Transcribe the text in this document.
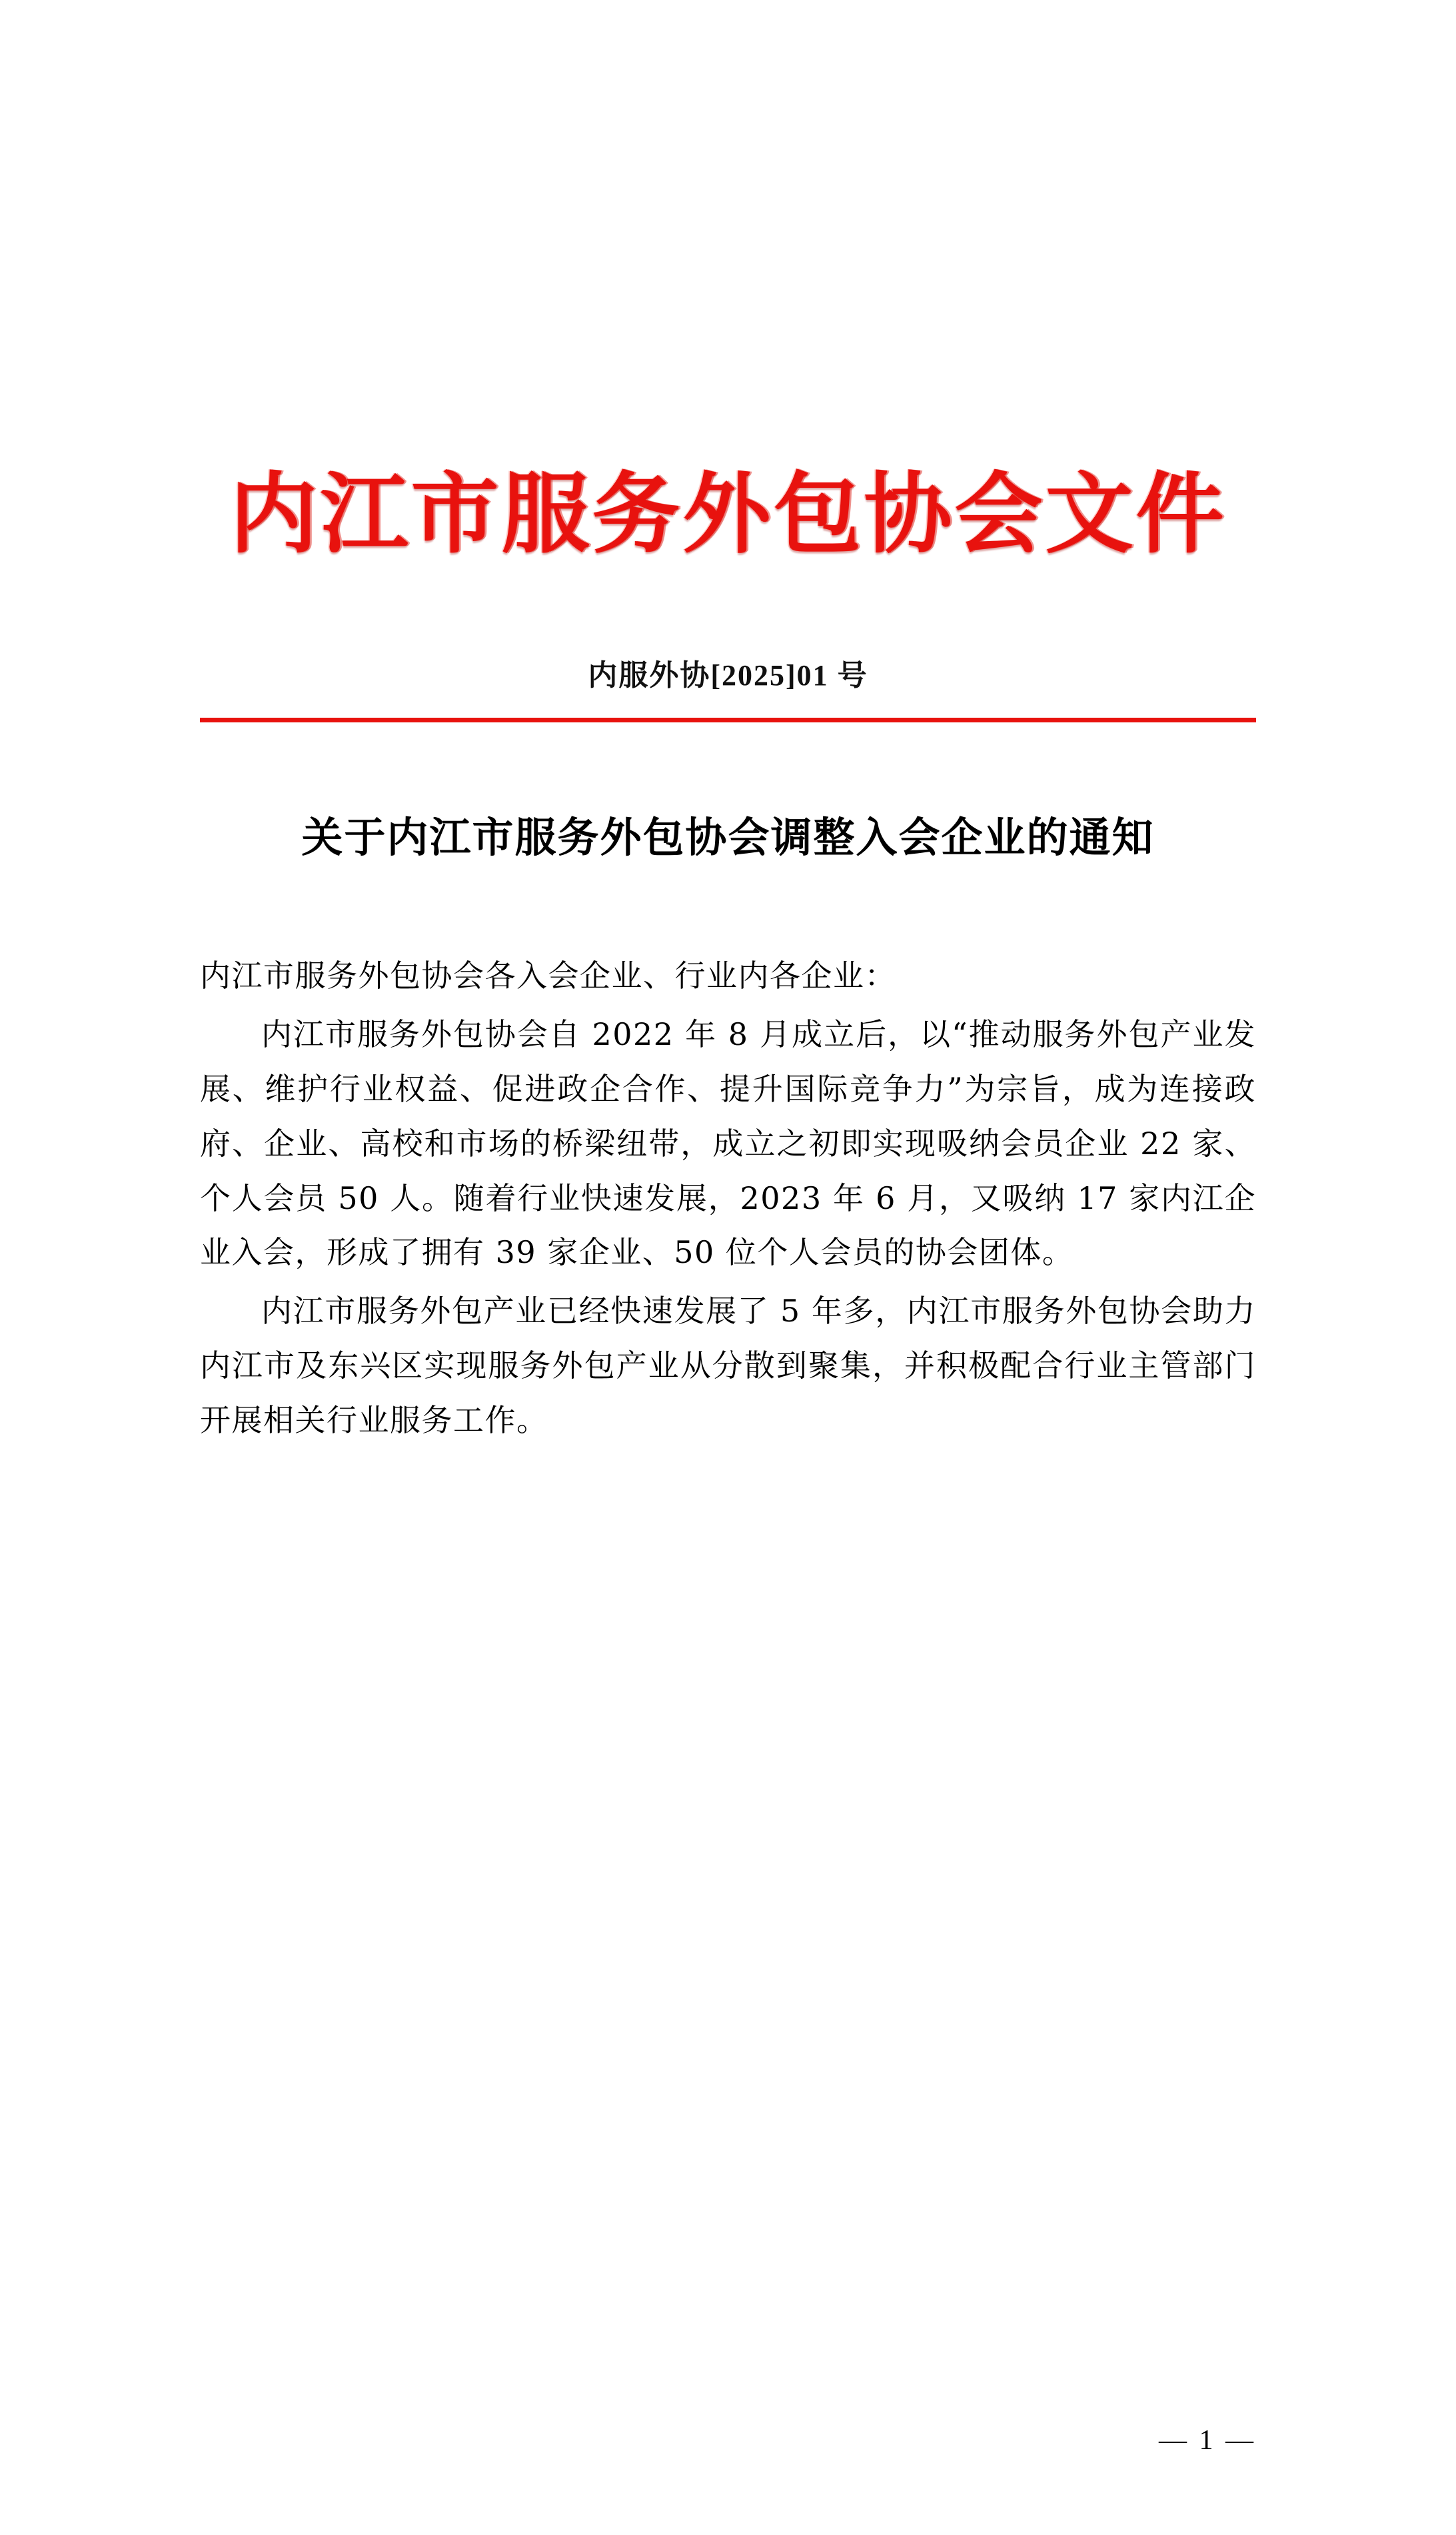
内江市服务外包协会文件
内服外协[2025]01 号
关于内江市服务外包协会调整入会企业的通知

内江市服务外包协会各入会企业、行业内各企业：

内江市服务外包协会自 2022 年 8 月成立后，以“推动服务外包产业发展、维护行业权益、促进政企合作、提升国际竞争力”为宗旨，成为连接政府、企业、高校和市场的桥梁纽带，成立之初即实现吸纳会员企业 22 家、个人会员 50 人。随着行业快速发展，2023 年 6 月，又吸纳 17 家内江企业入会，形成了拥有 39 家企业、50 位个人会员的协会团体。

内江市服务外包产业已经快速发展了 5 年多，内江市服务外包协会助力内江市及东兴区实现服务外包产业从分散到聚集，并积极配合行业主管部门开展相关行业服务工作。

— 1 —
